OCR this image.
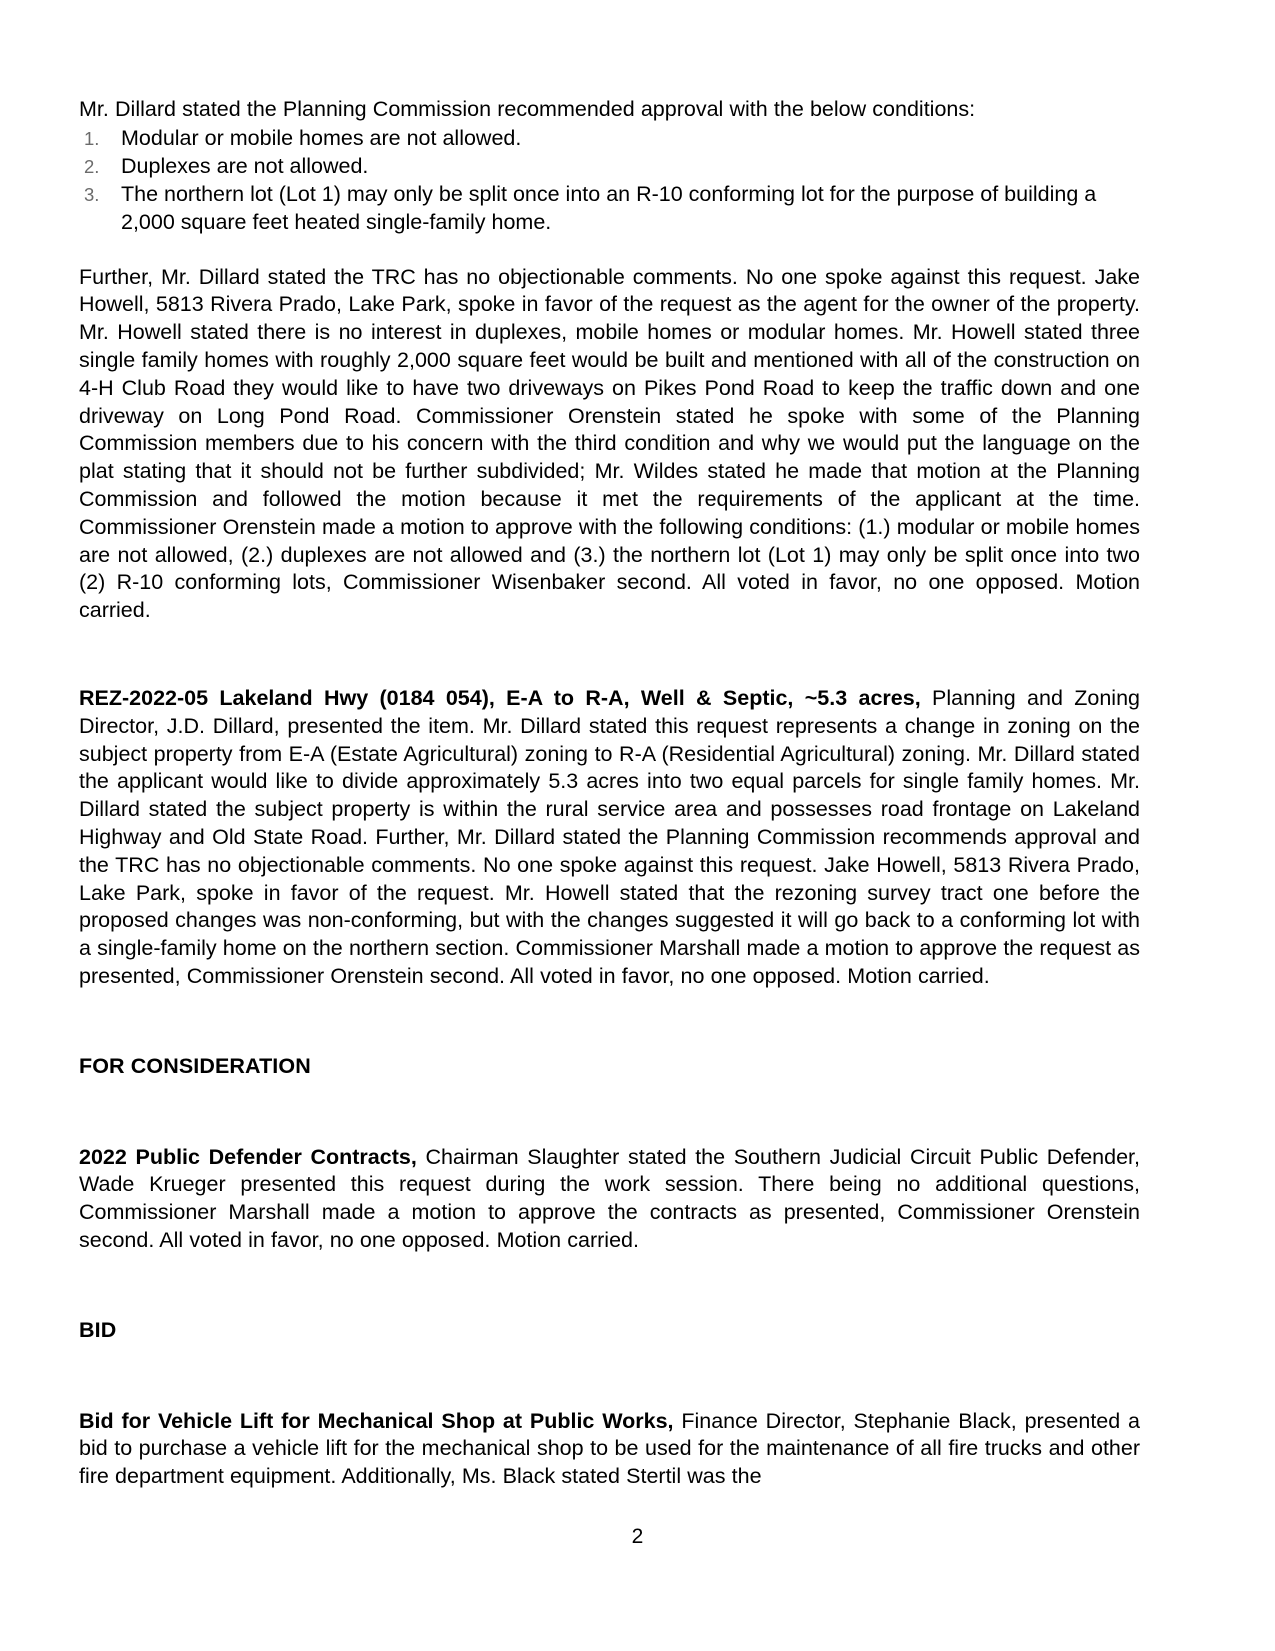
Mr. Dillard stated the Planning Commission recommended approval with the below conditions:

Modular or mobile homes are not allowed.
Duplexes are not allowed.
The northern lot (Lot 1) may only be split once into an R-10 conforming lot for the purpose of building a 2,000 square feet heated single-family home.

Further, Mr. Dillard stated the TRC has no objectionable comments. No one spoke against this request. Jake Howell, 5813 Rivera Prado, Lake Park, spoke in favor of the request as the agent for the owner of the property. Mr. Howell stated there is no interest in duplexes, mobile homes or modular homes. Mr. Howell stated three single family homes with roughly 2,000 square feet would be built and mentioned with all of the construction on 4-H Club Road they would like to have two driveways on Pikes Pond Road to keep the traffic down and one driveway on Long Pond Road. Commissioner Orenstein stated he spoke with some of the Planning Commission members due to his concern with the third condition and why we would put the language on the plat stating that it should not be further subdivided; Mr. Wildes stated he made that motion at the Planning Commission and followed the motion because it met the requirements of the applicant at the time. Commissioner Orenstein made a motion to approve with the following conditions: (1.) modular or mobile homes are not allowed, (2.) duplexes are not allowed and (3.) the northern lot (Lot 1) may only be split once into two (2) R-10 conforming lots, Commissioner Wisenbaker second. All voted in favor, no one opposed. Motion carried.

REZ-2022-05 Lakeland Hwy (0184 054), E-A to R-A, Well & Septic, ~5.3 acres, Planning and Zoning Director, J.D. Dillard, presented the item. Mr. Dillard stated this request represents a change in zoning on the subject property from E-A (Estate Agricultural) zoning to R-A (Residential Agricultural) zoning. Mr. Dillard stated the applicant would like to divide approximately 5.3 acres into two equal parcels for single family homes. Mr. Dillard stated the subject property is within the rural service area and possesses road frontage on Lakeland Highway and Old State Road. Further, Mr. Dillard stated the Planning Commission recommends approval and the TRC has no objectionable comments. No one spoke against this request. Jake Howell, 5813 Rivera Prado, Lake Park, spoke in favor of the request. Mr. Howell stated that the rezoning survey tract one before the proposed changes was non-conforming, but with the changes suggested it will go back to a conforming lot with a single-family home on the northern section. Commissioner Marshall made a motion to approve the request as presented, Commissioner Orenstein second. All voted in favor, no one opposed. Motion carried.

FOR CONSIDERATION

2022 Public Defender Contracts, Chairman Slaughter stated the Southern Judicial Circuit Public Defender, Wade Krueger presented this request during the work session. There being no additional questions, Commissioner Marshall made a motion to approve the contracts as presented, Commissioner Orenstein second. All voted in favor, no one opposed. Motion carried.

BID

Bid for Vehicle Lift for Mechanical Shop at Public Works, Finance Director, Stephanie Black, presented a bid to purchase a vehicle lift for the mechanical shop to be used for the maintenance of all fire trucks and other fire department equipment. Additionally, Ms. Black stated Stertil was the

2
